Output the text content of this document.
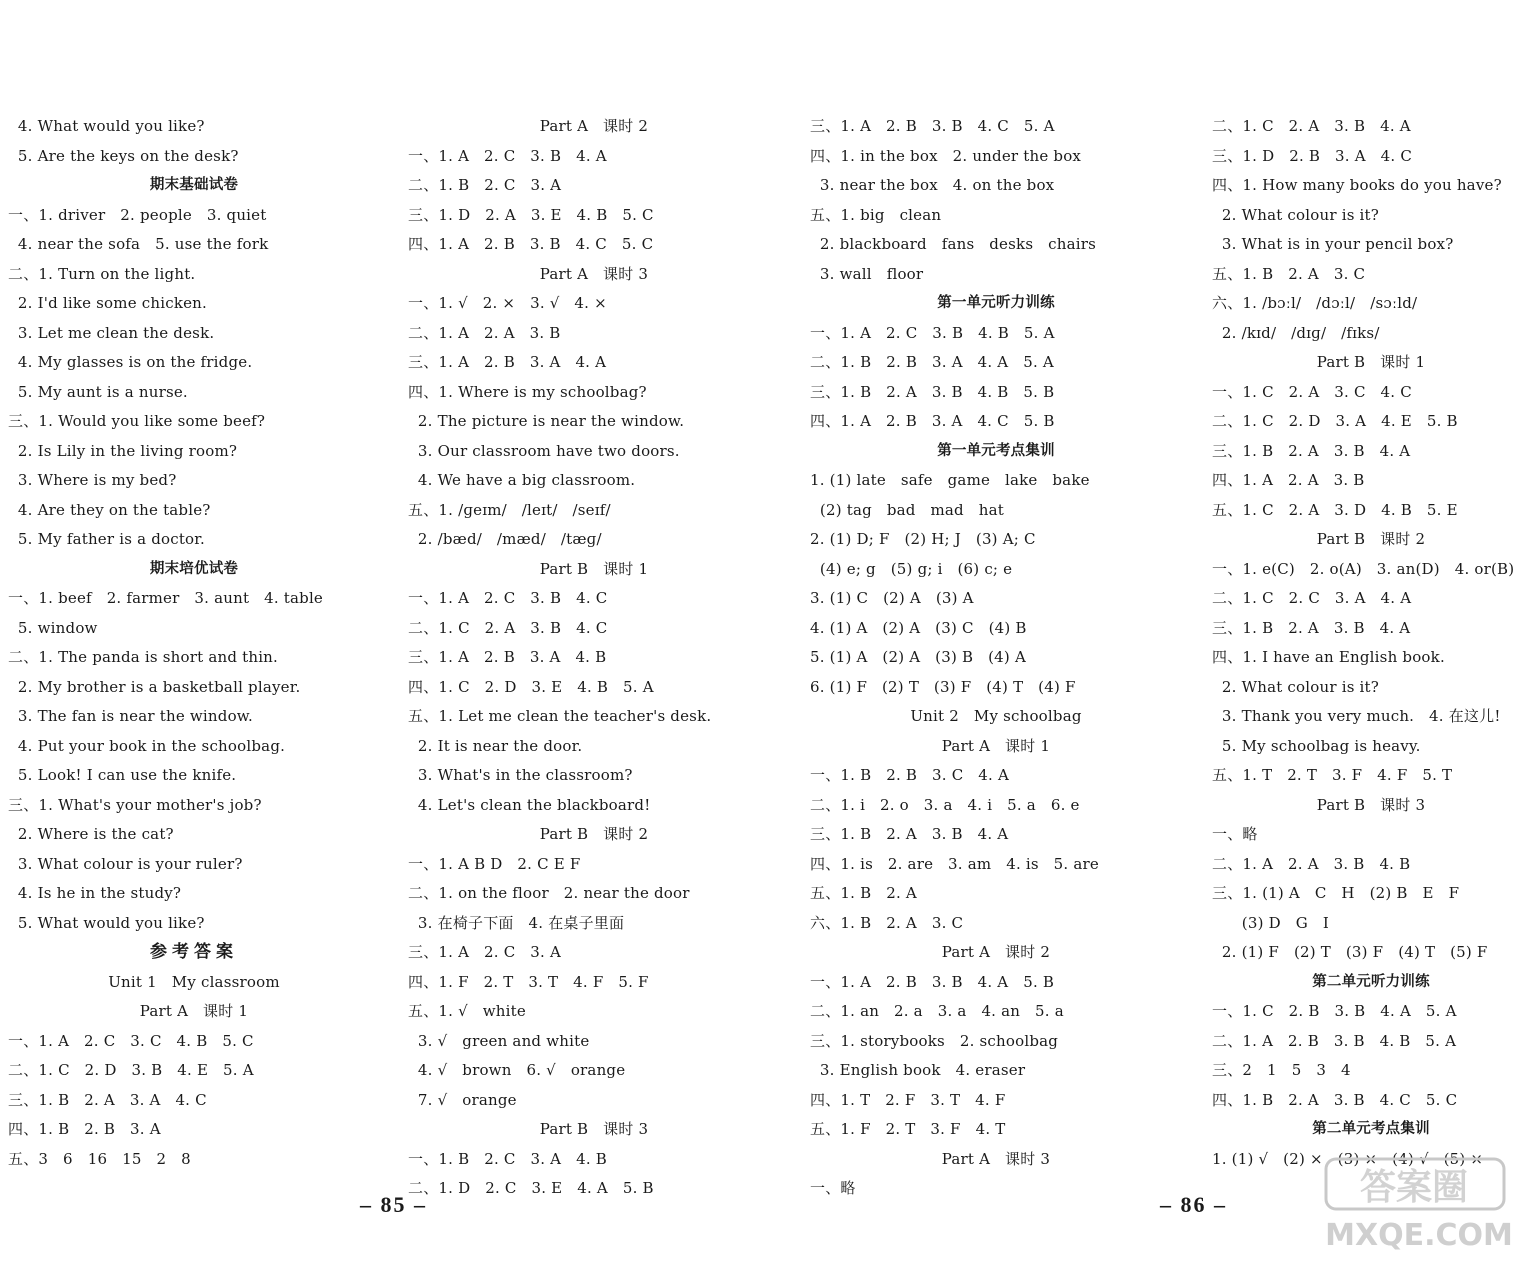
4. What would you like?
5. Are the keys on the desk?
期末基础试卷
一、1. driver   2. people   3. quiet
4. near the sofa   5. use the fork
二、1. Turn on the light.
2. I'd like some chicken.
3. Let me clean the desk.
4. My glasses is on the fridge.
5. My aunt is a nurse.
三、1. Would you like some beef?
2. Is Lily in the living room?
3. Where is my bed?
4. Are they on the table?
5. My father is a doctor.
期末培优试卷
一、1. beef   2. farmer   3. aunt   4. table
5. window
二、1. The panda is short and thin.
2. My brother is a basketball player.
3. The fan is near the window.
4. Put your book in the schoolbag.
5. Look! I can use the knife.
三、1. What's your mother's job?
2. Where is the cat?
3. What colour is your ruler?
4. Is he in the study?
5. What would you like?
参考答案
Unit 1   My classroom
Part A   课时 1
一、1. A   2. C   3. C   4. B   5. C
二、1. C   2. D   3. B   4. E   5. A
三、1. B   2. A   3. A   4. C
四、1. B   2. B   3. A
五、3   6   16   15   2   8
Part A   课时 2
一、1. A   2. C   3. B   4. A
二、1. B   2. C   3. A
三、1. D   2. A   3. E   4. B   5. C
四、1. A   2. B   3. B   4. C   5. C
Part A   课时 3
一、1. √   2. ×   3. √   4. ×
二、1. A   2. A   3. B
三、1. A   2. B   3. A   4. A
四、1. Where is my schoolbag?
2. The picture is near the window.
3. Our classroom have two doors.
4. We have a big classroom.
五、1. /ɡeɪm/   /leɪt/   /seɪf/
2. /bæd/   /mæd/   /tæɡ/
Part B   课时 1
一、1. A   2. C   3. B   4. C
二、1. C   2. A   3. B   4. C
三、1. A   2. B   3. A   4. B
四、1. C   2. D   3. E   4. B   5. A
五、1. Let me clean the teacher's desk.
2. It is near the door.
3. What's in the classroom?
4. Let's clean the blackboard!
Part B   课时 2
一、1. A B D   2. C E F
二、1. on the floor   2. near the door
3. 在椅子下面   4. 在桌子里面
三、1. A   2. C   3. A
四、1. F   2. T   3. T   4. F   5. F
五、1. √   white
3. √   green and white
4. √   brown   6. √   orange
7. √   orange
Part B   课时 3
一、1. B   2. C   3. A   4. B
二、1. D   2. C   3. E   4. A   5. B
三、1. A   2. B   3. B   4. C   5. A
四、1. in the box   2. under the box
3. near the box   4. on the box
五、1. big   clean
2. blackboard   fans   desks   chairs
3. wall   floor
第一单元听力训练
一、1. A   2. C   3. B   4. B   5. A
二、1. B   2. B   3. A   4. A   5. A
三、1. B   2. A   3. B   4. B   5. B
四、1. A   2. B   3. A   4. C   5. B
第一单元考点集训
1. (1) late   safe   game   lake   bake
(2) tag   bad   mad   hat
2. (1) D; F   (2) H; J   (3) A; C
(4) e; g   (5) g; i   (6) c; e
3. (1) C   (2) A   (3) A
4. (1) A   (2) A   (3) C   (4) B
5. (1) A   (2) A   (3) B   (4) A
6. (1) F   (2) T   (3) F   (4) T   (4) F
Unit 2   My schoolbag
Part A   课时 1
一、1. B   2. B   3. C   4. A
二、1. i   2. o   3. a   4. i   5. a   6. e
三、1. B   2. A   3. B   4. A
四、1. is   2. are   3. am   4. is   5. are
五、1. B   2. A
六、1. B   2. A   3. C
Part A   课时 2
一、1. A   2. B   3. B   4. A   5. B
二、1. an   2. a   3. a   4. an   5. a
三、1. storybooks   2. schoolbag
3. English book   4. eraser
四、1. T   2. F   3. T   4. F
五、1. F   2. T   3. F   4. T
Part A   课时 3
一、略
二、1. C   2. A   3. B   4. A
三、1. D   2. B   3. A   4. C
四、1. How many books do you have?
2. What colour is it?
3. What is in your pencil box?
五、1. B   2. A   3. C
六、1. /bɔːl/   /dɔːl/   /sɔːld/
2. /kɪd/   /dɪɡ/   /fɪks/
Part B   课时 1
一、1. C   2. A   3. C   4. C
二、1. C   2. D   3. A   4. E   5. B
三、1. B   2. A   3. B   4. A
四、1. A   2. A   3. B
五、1. C   2. A   3. D   4. B   5. E
Part B   课时 2
一、1. e(C)   2. o(A)   3. an(D)   4. or(B)
二、1. C   2. C   3. A   4. A
三、1. B   2. A   3. B   4. A
四、1. I have an English book.
2. What colour is it?
3. Thank you very much.   4. 在这儿!
5. My schoolbag is heavy.
五、1. T   2. T   3. F   4. F   5. T
Part B   课时 3
一、略
二、1. A   2. A   3. B   4. B
三、1. (1) A   C   H   (2) B   E   F
(3) D   G   I
2. (1) F   (2) T   (3) F   (4) T   (5) F
第二单元听力训练
一、1. C   2. B   3. B   4. A   5. A
二、1. A   2. B   3. B   4. B   5. A
三、2   1   5   3   4
四、1. B   2. A   3. B   4. C   5. C
第二单元考点集训
1. (1) √   (2) ×   (3) ×   (4) √   (5) ×
– 85 –	– 86 –	答案圈
MXQE.COM
